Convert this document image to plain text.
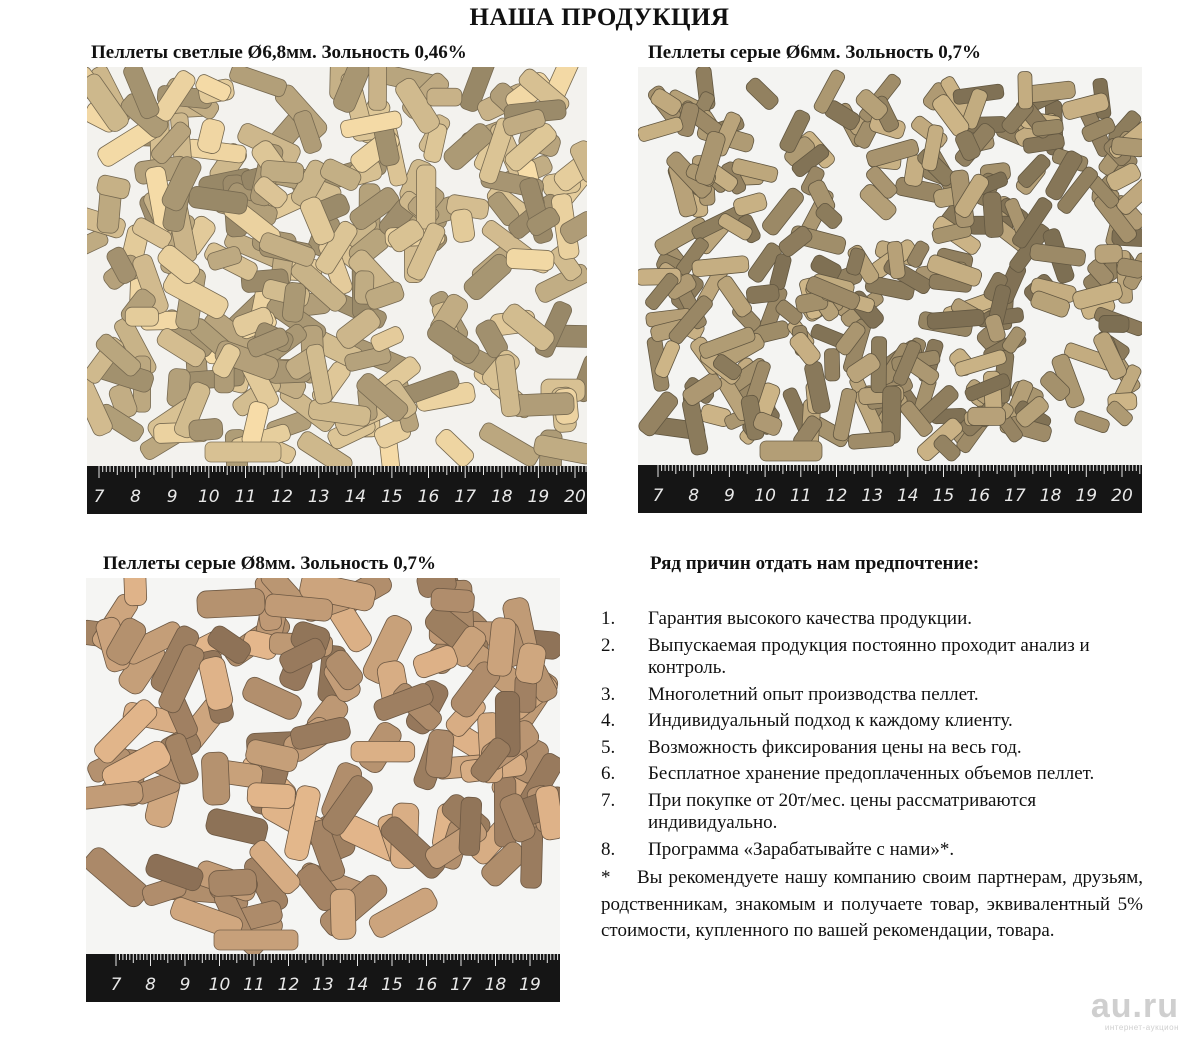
НАША ПРОДУКЦИЯ
Пеллеты светлые Ø6,8мм. Зольность 0,46%
7 8 9 10 11 12 13 14 15 16 17 18 19 20
Пеллеты серые Ø6мм. Зольность 0,7%
7 8 9 10 11 12 13 14 15 16 17 18 19 20
Пеллеты серые Ø8мм. Зольность 0,7%
7 8 9 10 11 12 13 14 15 16 17 18 19
Ряд причин отдать нам предпочтение:
1. Гарантия высокого качества продукции.
2. Выпускаемая продукция постоянно проходит анализ и контроль.
3. Многолетний опыт производства пеллет.
4. Индивидуальный подход к каждому клиенту.
5. Возможность фиксирования цены на весь год.
6. Бесплатное хранение предоплаченных объемов пеллет.
7. При покупке от 20т/мес. цены рассматриваются индивидуально.
8. Программа «Зарабатывайте с нами»*.
* Вы рекомендуете нашу компанию своим партнерам, друзьям, родственникам, знакомым и получаете товар, эквивалентный 5% стоимости, купленного по вашей рекомендации, товара.
au.ru
интернет-аукцион
